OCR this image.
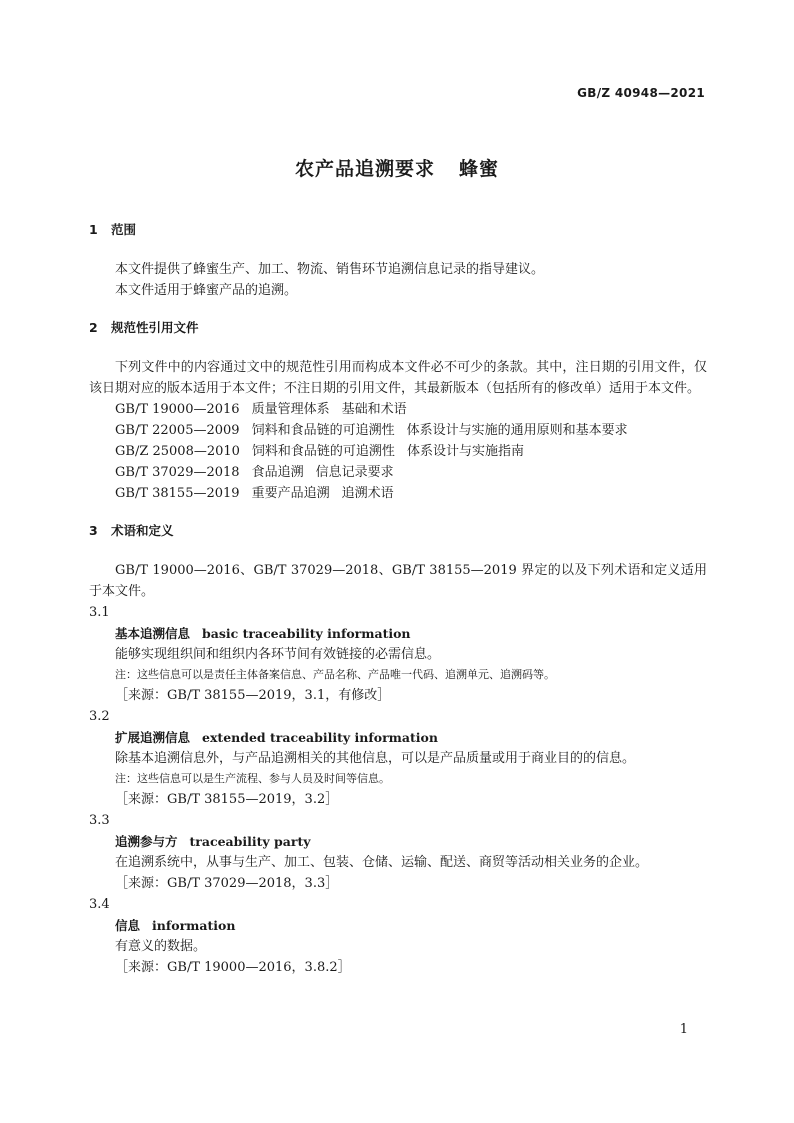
GB/Z 40948—2021
农产品追溯要求 蜂蜜
1 范围
本文件提供了蜂蜜生产、加工、物流、销售环节追溯信息记录的指导建议。
本文件适用于蜂蜜产品的追溯。
2 规范性引用文件
下列文件中的内容通过文中的规范性引用而构成本文件必不可少的条款。其中，注日期的引用文件，仅该日期对应的版本适用于本文件；不注日期的引用文件，其最新版本（包括所有的修改单）适用于本文件。
GB/T 19000—2016 质量管理体系 基础和术语
GB/T 22005—2009 饲料和食品链的可追溯性 体系设计与实施的通用原则和基本要求
GB/Z 25008—2010 饲料和食品链的可追溯性 体系设计与实施指南
GB/T 37029—2018 食品追溯 信息记录要求
GB/T 38155—2019 重要产品追溯 追溯术语
3 术语和定义
GB/T 19000—2016、GB/T 37029—2018、GB/T 38155—2019 界定的以及下列术语和定义适用于本文件。
3.1
基本追溯信息 basic traceability information
能够实现组织间和组织内各环节间有效链接的必需信息。
注：这些信息可以是责任主体备案信息、产品名称、产品唯一代码、追溯单元、追溯码等。
［来源：GB/T 38155—2019，3.1，有修改］
3.2
扩展追溯信息 extended traceability information
除基本追溯信息外，与产品追溯相关的其他信息，可以是产品质量或用于商业目的的信息。
注：这些信息可以是生产流程、参与人员及时间等信息。
［来源：GB/T 38155—2019，3.2］
3.3
追溯参与方 traceability party
在追溯系统中，从事与生产、加工、包装、仓储、运输、配送、商贸等活动相关业务的企业。
［来源：GB/T 37029—2018，3.3］
3.4
信息 information
有意义的数据。
［来源：GB/T 19000—2016，3.8.2］
1
